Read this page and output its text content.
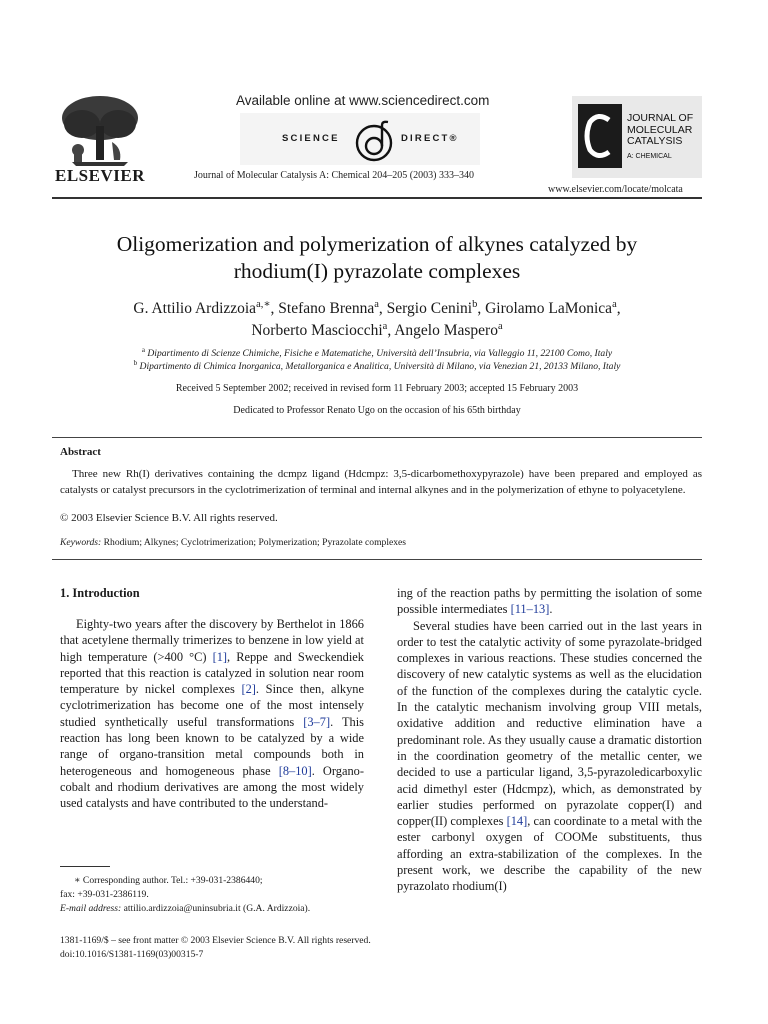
ELSEVIER
Available online at www.sciencedirect.com
SCIENCE	DIRECT®
Journal of Molecular Catalysis A: Chemical 204–205 (2003) 333–340
JOURNAL OF
MOLECULAR
CATALYSIS
A: CHEMICAL
www.elsevier.com/locate/molcata
Oligomerization and polymerization of alkynes catalyzed by
rhodium(I) pyrazolate complexes
G. Attilio Ardizzoia$^{a,∗}$, Stefano Brenna$^a$, Sergio Cenini$^b$, Girolamo LaMonica$^a$,
Norberto Masciocchi$^a$, Angelo Maspero$^a$
$^a$ Dipartimento di Scienze Chimiche, Fisiche e Matematiche, Università dell’Insubria, via Valleggio 11, 22100 Como, Italy
$^b$ Dipartimento di Chimica Inorganica, Metallorganica e Analitica, Università di Milano, via Venezian 21, 20133 Milano, Italy
Received 5 September 2002; received in revised form 11 February 2003; accepted 15 February 2003
Dedicated to Professor Renato Ugo on the occasion of his 65th birthday
Abstract

Three new Rh(I) derivatives containing the dcmpz ligand (Hdcmpz: 3,5-dicarbomethoxypyrazole) have been prepared and employed as catalysts or catalyst precursors in the cyclotrimerization of terminal and internal alkynes and in the polymerization of ethyne to polyacetylene.

© 2003 Elsevier Science B.V. All rights reserved.
Keywords: Rhodium; Alkynes; Cyclotrimerization; Polymerization; Pyrazolate complexes
1. Introduction

Eighty-two years after the discovery by Berthelot in 1866 that acetylene thermally trimerizes to benzene in low yield at high temperature (>400 °C) [1], Reppe and Sweckendiek reported that this reaction is catalyzed in solution near room temperature by nickel complexes [2]. Since then, alkyne cyclotrimerization has become one of the most intensely studied synthetically useful transformations [3–7]. This reaction has long been known to be catalyzed by a wide range of organo-transition metal compounds both in heterogeneous and homogeneous phase [8–10]. Organo-cobalt and rhodium derivatives are among the most widely used catalysts and have contributed to the understand-

ing of the reaction paths by permitting the isolation of some possible intermediates [11–13].

Several studies have been carried out in the last years in order to test the catalytic activity of some pyrazolate-bridged complexes in various reactions. These studies concerned the discovery of new catalytic systems as well as the elucidation of the function of the complexes during the catalytic cycle. In the catalytic mechanism involving group VIII metals, oxidative addition and reductive elimination have a predominant role. As they usually cause a dramatic distortion in the coordination geometry of the metallic center, we decided to use a particular ligand, 3,5-pyrazoledicarboxylic acid dimethyl ester (Hdcmpz), which, as demonstrated by earlier studies performed on pyrazolate copper(I) and copper(II) complexes [14], can coordinate to a metal with the ester carbonyl oxygen of COOMe substituents, thus affording an extra-stabilization of the complexes. In the present work, we describe the capability of the new pyrazolato rhodium(I)

∗ Corresponding author. Tel.: +39-031-2386440;
fax: +39-031-2386119.
E-mail address: attilio.ardizzoia@uninsubria.it (G.A. Ardizzoia).
1381-1169/$ – see front matter © 2003 Elsevier Science B.V. All rights reserved.
doi:10.1016/S1381-1169(03)00315-7
